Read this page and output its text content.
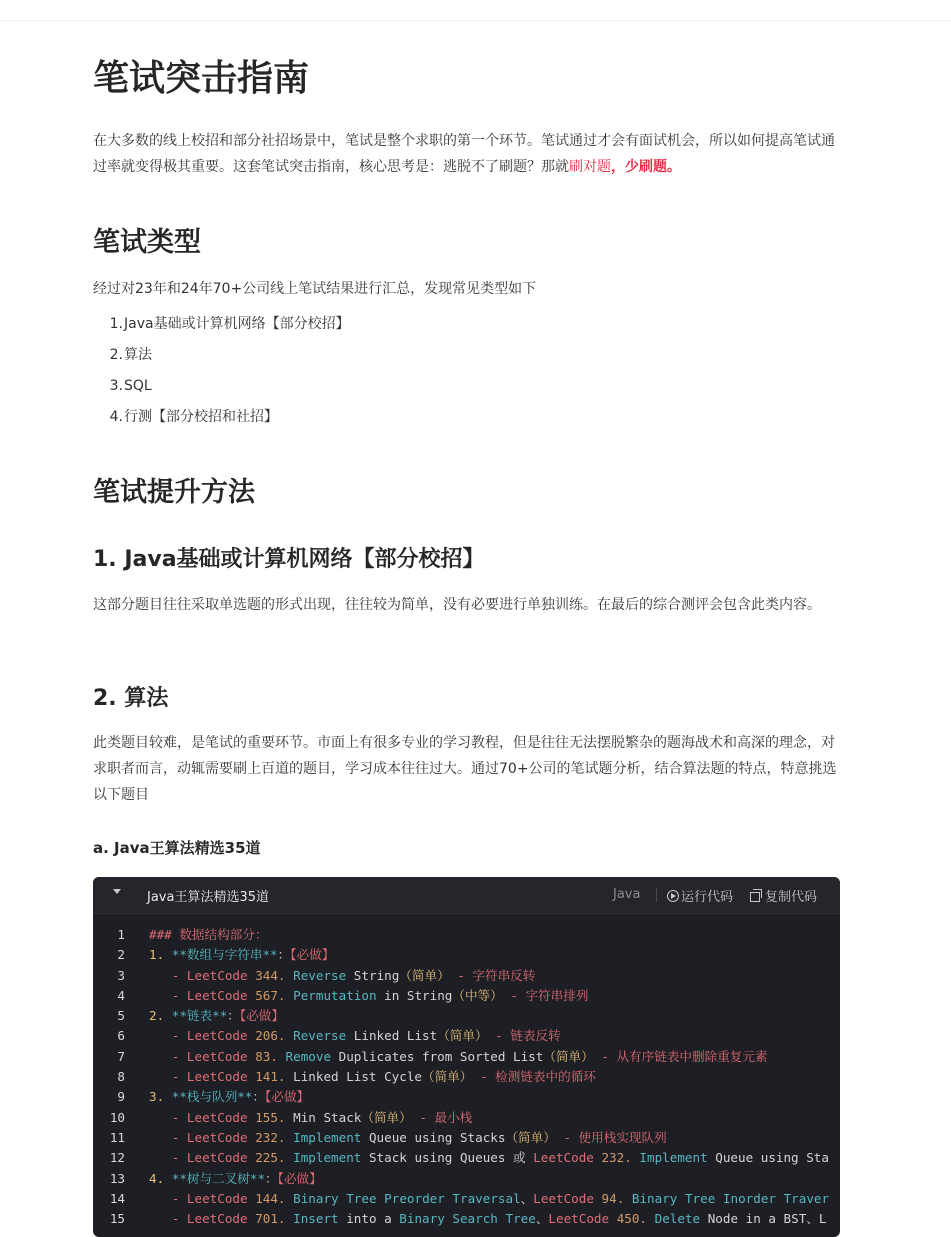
笔试突击指南
在大多数的线上校招和部分社招场景中，笔试是整个求职的第一个环节。笔试通过才会有面试机会，所以如何提高笔试通过率就变得极其重要。这套笔试突击指南，核心思考是：逃脱不了刷题？那就刷对题，少刷题。
笔试类型
经过对23年和24年70+公司线上笔试结果进行汇总，发现常见类型如下
1.Java基础或计算机网络【部分校招】
2.算法
3.SQL
4.行测【部分校招和社招】
笔试提升方法
1. Java基础或计算机网络【部分校招】
这部分题目往往采取单选题的形式出现，往往较为简单，没有必要进行单独训练。在最后的综合测评会包含此类内容。
2. 算法
此类题目较难，是笔试的重要环节。市面上有很多专业的学习教程，但是往往无法摆脱繁杂的题海战术和高深的理念，对求职者而言，动辄需要刷上百道的题目，学习成本往往过大。通过70+公司的笔试题分析，结合算法题的特点，特意挑选以下题目
a. Java王算法精选35道
Java王算法精选35道	Java	运行代码	复制代码
1 ### 数据结构部分：
2 1. **数组与字符串**：【必做】
3 - LeetCode 344. Reverse String（简单） - 字符串反转
4 - LeetCode 567. Permutation in String（中等） - 字符串排列
5 2. **链表**：【必做】
6 - LeetCode 206. Reverse Linked List（简单） - 链表反转
7 - LeetCode 83. Remove Duplicates from Sorted List（简单） - 从有序链表中删除重复元素
8 - LeetCode 141. Linked List Cycle（简单） - 检测链表中的循环
9 3. **栈与队列**：【必做】
10 - LeetCode 155. Min Stack（简单） - 最小栈
11 - LeetCode 232. Implement Queue using Stacks（简单） - 使用栈实现队列
12 - LeetCode 225. Implement Stack using Queues 或 LeetCode 232. Implement Queue using Sta
13 4. **树与二叉树**：【必做】
14 - LeetCode 144. Binary Tree Preorder Traversal、LeetCode 94. Binary Tree Inorder Traver
15 - LeetCode 701. Insert into a Binary Search Tree、LeetCode 450. Delete Node in a BST、L
